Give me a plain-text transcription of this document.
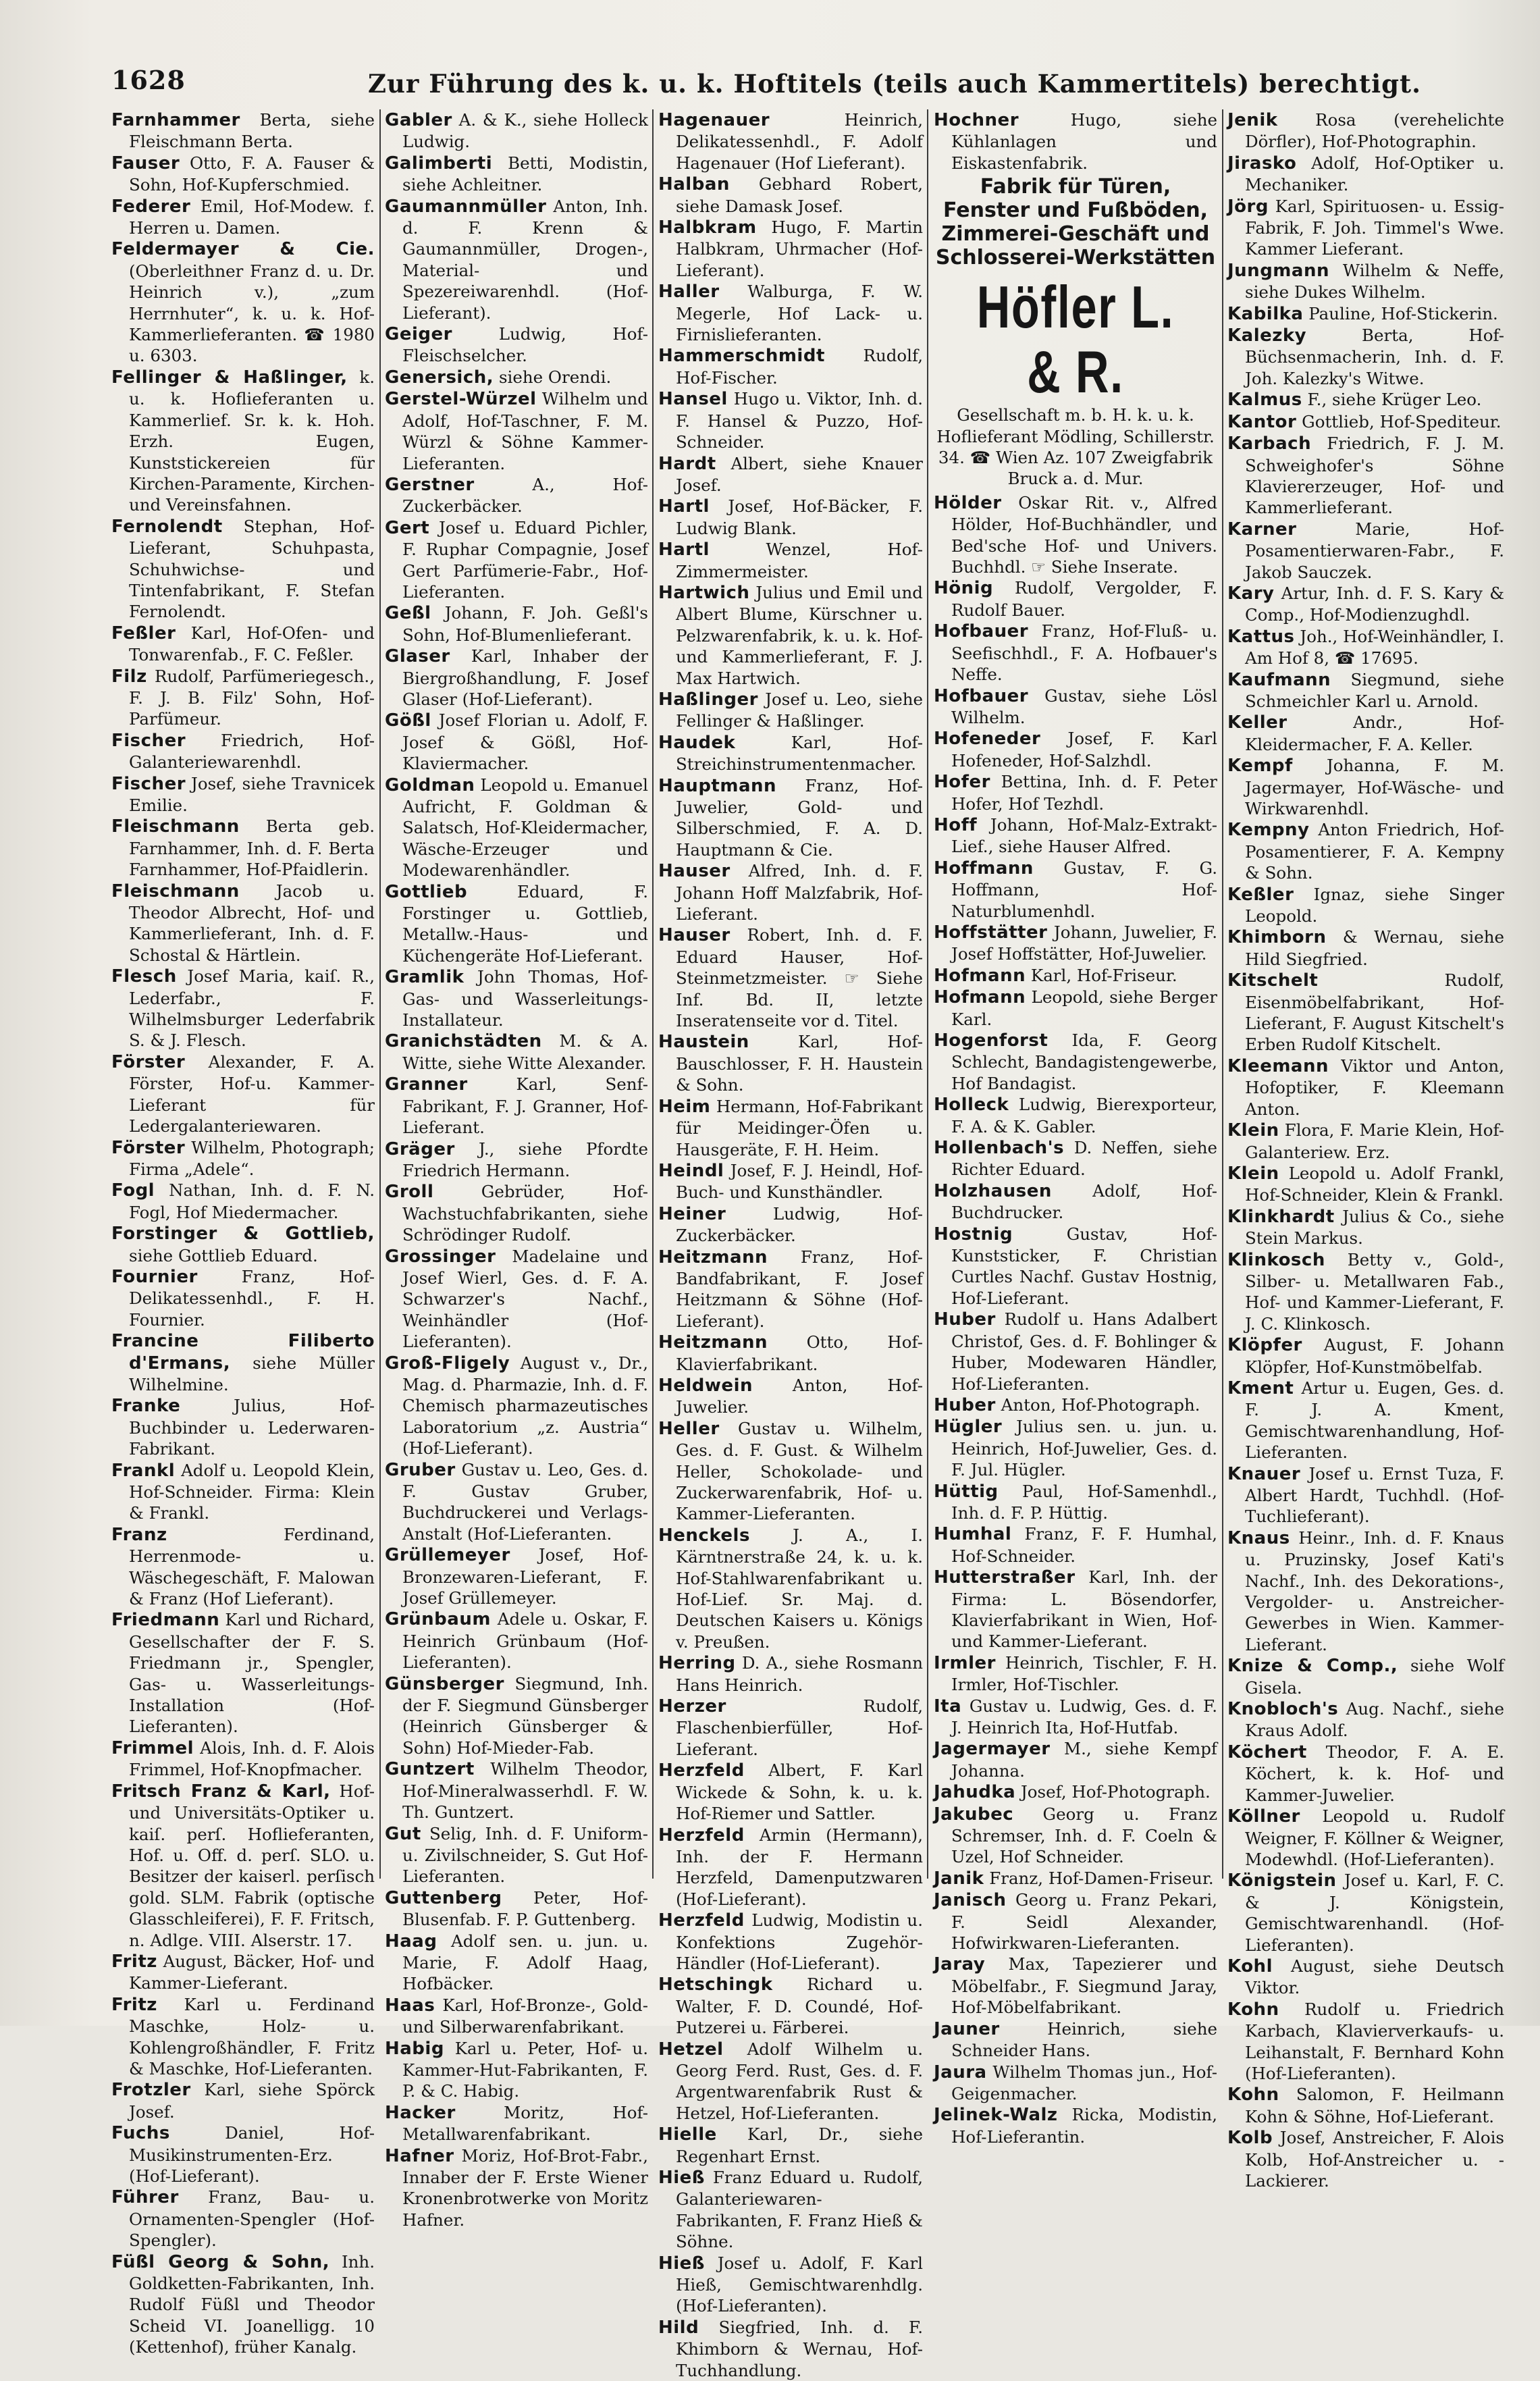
1628	Zur Führung des k. u. k. Hoftitels (teils auch Kammertitels) berechtigt.

Farnhammer Berta, siehe Fleischmann Berta.

Fauser Otto, F. A. Fauser & Sohn, Hof-Kupferschmied.

Federer Emil, Hof-Modew. f. Herren u. Damen.

Feldermayer & Cie. (Oberleithner Franz d. u. Dr. Heinrich v.), „zum Herrnhuter“, k. u. k. Hof-Kammerlieferanten. ☎ 1980 u. 6303.

Fellinger & Haßlinger, k. u. k. Hoflieferanten u. Kammerlief. Sr. k. k. Hoh. Erzh. Eugen, Kunststickereien für Kirchen-Paramente, Kirchen- und Vereinsfahnen.

Fernolendt Stephan, Hof-Lieferant, Schuhpasta, Schuhwichse- und Tintenfabrikant, F. Stefan Fernolendt.

Feßler Karl, Hof-Ofen- und Tonwarenfab., F. C. Feßler.

Filz Rudolf, Parfümeriegesch., F. J. B. Filz' Sohn, Hof-Parfümeur.

Fischer Friedrich, Hof-Galanteriewarenhdl.

Fischer Josef, siehe Travnicek Emilie.

Fleischmann Berta geb. Farnhammer, Inh. d. F. Berta Farnhammer, Hof-Pfaidlerin.

Fleischmann Jacob u. Theodor Albrecht, Hof- und Kammerlieferant, Inh. d. F. Schostal & Härtlein.

Flesch Josef Maria, kaiſ. R., Lederfabr., F. Wilhelmsburger Lederfabrik S. & J. Flesch.

Förster Alexander, F. A. Förster, Hof-u. Kammer-Lieferant für Ledergalanteriewaren.

Förster Wilhelm, Photograph; Firma „Adele“.

Fogl Nathan, Inh. d. F. N. Fogl, Hof Miedermacher.

Forstinger & Gottlieb, siehe Gottlieb Eduard.

Fournier	Franz, Hof-Delikatessenhdl., F. H. Fournier.

Francine Filiberto d'Ermans, siehe Müller Wilhelmine.

Franke	Julius, Hof-Buchbinder u. Lederwaren-Fabrikant.

Frankl Adolf u. Leopold Klein, Hof-Schneider. Firma: Klein & Frankl.

Franz	Ferdinand, Herrenmode- u. Wäschegeschäft, F. Malowan & Franz (Hof Lieferant).

Friedmann Karl und Richard, Gesellschafter der F. S. Friedmann jr., Spengler, Gas- u. Wasserleitungs-Installation (Hof-Lieferanten).

Frimmel Alois, Inh. d. F. Alois Frimmel, Hof-Knopfmacher.

Fritsch Franz & Karl, Hof- und Universitäts-Optiker u. kaiſ. perſ. Hoflieferanten, Hof. u. Off. d. perſ. SLO. u. Besitzer der kaiserl. perſisch gold. SLM. Fabrik (optische Glasschleiferei), F. F. Fritsch, n. Adlge. VIII. Alserstr. 17.

Fritz August, Bäcker, Hof- und Kammer-Lieferant.

Fritz Karl u. Ferdinand Maschke, Holz- u. Kohlengroßhändler, F. Fritz & Maschke, Hof-Lieferanten.

Frotzler Karl, siehe Spörck Josef.

Fuchs	Daniel, Hof-Musikinstrumenten-Erz. (Hof-Lieferant).

Führer Franz, Bau- u. Ornamenten-Spengler (Hof-Spengler).

Füßl Georg & Sohn, Inh. Goldketten-Fabrikanten, Inh. Rudolf Füßl und Theodor Scheid VI. Joanelligg. 10 (Kettenhof), früher Kanalg.

Gabler A. & K., siehe Holleck Ludwig.

Galimberti Betti, Modistin, siehe Achleitner.

Gaumannmüller Anton, Inh. d. F. Krenn & Gaumannmüller, Drogen-, Material- und Spezereiwarenhdl. (Hof-Lieferant).

Geiger	Ludwig, Hof-Fleischselcher.

Genersich, siehe Orendi.

Gerstel-Würzel Wilhelm und Adolf, Hof-Taschner, F. M. Würzl & Söhne Kammer-Lieferanten.

Gerstner	A., Hof-Zuckerbäcker.

Gert Josef u. Eduard Pichler, F. Ruphar Compagnie, Josef Gert Parfümerie-Fabr., Hof-Lieferanten.

Geßl Johann, F. Joh. Geßl's Sohn, Hof-Blumenlieferant.

Glaser Karl, Inhaber der Biergroßhandlung, F. Josef Glaser (Hof-Lieferant).

Gößl Josef Florian u. Adolf, F. Josef & Gößl, Hof-Klaviermacher.

Goldman Leopold u. Emanuel Aufricht, F. Goldman & Salatsch, Hof-Kleidermacher, Wäsche-Erzeuger und Modewarenhändler.

Gottlieb	Eduard, F. Forstinger u. Gottlieb, Metallw.-Haus- und Küchengeräte Hof-Lieferant.

Gramlik John Thomas, Hof-Gas- und Wasserleitungs-Installateur.

Granichstädten M. & A. Witte, siehe Witte Alexander.

Granner	Karl, Senf-Fabrikant, F. J. Granner, Hof-Lieferant.

Gräger J., siehe Pfordte Friedrich Hermann.

Groll	Gebrüder, Hof-Wachstuchfabrikanten, siehe Schrödinger Rudolf.

Grossinger Madelaine und Josef Wierl, Ges. d. F. A. Schwarzer's Nachf., Weinhändler (Hof-Lieferanten).

Groß-Fligely August v., Dr., Mag. d. Pharmazie, Inh. d. F. Chemisch pharmazeutisches Laboratorium „z. Austria“ (Hof-Lieferant).

Gruber Gustav u. Leo, Ges. d. F. Gustav Gruber, Buchdruckerei und Verlags-Anstalt (Hof-Lieferanten.

Grüllemeyer Josef, Hof-Bronzewaren-Lieferant, F. Josef Grüllemeyer.

Grünbaum Adele u. Oskar, F. Heinrich Grünbaum (Hof-Lieferanten).

Günsberger Siegmund, Inh. der F. Siegmund Günsberger (Heinrich Günsberger & Sohn) Hof-Mieder-Fab.

Guntzert Wilhelm Theodor, Hof-Mineralwasserhdl. F. W. Th. Guntzert.

Gut Selig, Inh. d. F. Uniform- u. Zivilschneider, S. Gut Hof-Lieferanten.

Guttenberg Peter, Hof-Blusenfab. F. P. Guttenberg.

Haag Adolf sen. u. jun. u. Marie, F. Adolf Haag, Hofbäcker.

Haas Karl, Hof-Bronze-, Gold- und Silberwarenfabrikant.

Habig Karl u. Peter, Hof- u. Kammer-Hut-Fabrikanten, F. P. & C. Habig.

Hacker	Moritz, Hof-Metallwarenfabrikant.

Hafner Moriz, Hof-Brot-Fabr., Innaber der F. Erste Wiener Kronenbrotwerke von Moritz Hafner.

Hagenauer	Heinrich, Delikatessenhdl., F. Adolf Hagenauer (Hof Lieferant).

Halban Gebhard Robert, siehe Damask Josef.

Halbkram Hugo, F. Martin Halbkram, Uhrmacher (Hof-Lieferant).

Haller Walburga, F. W. Megerle, Hof Lack- u. Firnislieferanten.

Hammerschmidt Rudolf, Hof-Fischer.

Hansel Hugo u. Viktor, Inh. d. F. Hansel & Puzzo, Hof-Schneider.

Hardt Albert, siehe Knauer Josef.

Hartl Josef, Hof-Bäcker, F. Ludwig Blank.

Hartl	Wenzel, Hof-Zimmermeister.

Hartwich Julius und Emil und Albert Blume, Kürschner u. Pelzwarenfabrik, k. u. k. Hof- und Kammerlieferant, F. J. Max Hartwich.

Haßlinger Josef u. Leo, siehe Fellinger & Haßlinger.

Haudek	Karl, Hof-Streichinstrumentenmacher.

Hauptmann Franz, Hof-Juwelier, Gold- und Silberschmied, F. A. D. Hauptmann & Cie.

Hauser Alfred, Inh. d. F. Johann Hoff Malzfabrik, Hof-Lieferant.

Hauser Robert, Inh. d. F. Eduard Hauser, Hof-Steinmetzmeister. ☞ Siehe Inf. Bd. II, letzte Inseratenseite vor d. Titel.

Haustein	Karl, Hof-Bauschlosser, F. H. Haustein & Sohn.

Heim Hermann, Hof-Fabrikant für Meidinger-Öfen u. Hausgeräte, F. H. Heim.

Heindl Josef, F. J. Heindl, Hof-Buch- und Kunsthändler.

Heiner	Ludwig, Hof-Zuckerbäcker.

Heitzmann Franz, Hof-Bandfabrikant, F. Josef Heitzmann & Söhne (Hof-Lieferant).

Heitzmann Otto, Hof-Klavierfabrikant.

Heldwein Anton, Hof-Juwelier.

Heller Gustav u. Wilhelm, Ges. d. F. Gust. & Wilhelm Heller, Schokolade- und Zuckerwarenfabrik, Hof- u. Kammer-Lieferanten.

Henckels	J. A., I. Kärntnerstraße 24, k. u. k. Hof-Stahlwarenfabrikant u. Hof-Lief. Sr. Maj. d. Deutschen Kaisers u. Königs v. Preußen.

Herring D. A., siehe Rosmann Hans Heinrich.

Herzer	Rudolf, Flaschenbierfüller, Hof-Lieferant.

Herzfeld Albert, F. Karl Wickede & Sohn, k. u. k. Hof-Riemer und Sattler.

Herzfeld Armin (Hermann), Inh. der F. Hermann Herzfeld, Damenputzwaren (Hof-Lieferant).

Herzfeld Ludwig, Modistin u. Konfektions Zugehör-Händler (Hof-Lieferant).

Hetschingk Richard u. Walter, F. D. Coundé, Hof-Putzerei u. Färberei.

Hetzel Adolf Wilhelm u. Georg Ferd. Rust, Ges. d. F. Argentwarenfabrik Rust & Hetzel, Hof-Lieferanten.

Hielle Karl, Dr., siehe Regenhart Ernst.

Hieß Franz Eduard u. Rudolf, Galanteriewaren-Fabrikanten, F. Franz Hieß & Söhne.

Hieß Josef u. Adolf, F. Karl Hieß, Gemischtwarenhdlg. (Hof-Lieferanten).

Hild Siegfried, Inh. d. F. Khimborn & Wernau, Hof-Tuchhandlung.

Hochner	Hugo, siehe Kühlanlagen und Eiskastenfabrik.

Fabrik für Türen, Fenster und Fußböden, Zimmerei-Geschäft und Schlosserei-Werkstätten
Höfler L. & R.

Gesellschaft m. b. H. k. u. k. Hoflieferant Mödling, Schillerstr. 34. ☎ Wien Az. 107 Zweigfabrik Bruck a. d. Mur.

Hölder Oskar Rit. v., Alfred Hölder, Hof-Buchhändler, und Bed'sche Hof- und Univers. Buchhdl. ☞ Siehe Inserate.

Hönig Rudolf, Vergolder, F. Rudolf Bauer.

Hofbauer Franz, Hof-Fluß- u. Seefischhdl., F. A. Hofbauer's Neffe.

Hofbauer Gustav, siehe Lösl Wilhelm.

Hofeneder Josef, F. Karl Hofeneder, Hof-Salzhdl.

Hofer Bettina, Inh. d. F. Peter Hofer, Hof Tezhdl.

Hoff Johann, Hof-Malz-Extrakt-Lief., siehe Hauser Alfred.

Hoffmann Gustav, F. G. Hoffmann, Hof-Naturblumenhdl.

Hoffstätter Johann, Juwelier, F. Josef Hoffstätter, Hof-Juwelier.

Hofmann Karl, Hof-Friseur.

Hofmann Leopold, siehe Berger Karl.

Hogenforst Ida, F. Georg Schlecht, Bandagistengewerbe, Hof Bandagist.

Holleck Ludwig, Bierexporteur, F. A. & K. Gabler.

Hollenbach's D. Neffen, siehe Richter Eduard.

Holzhausen Adolf, Hof-Buchdrucker.

Hostnig	Gustav, Hof-Kunststicker, F. Christian Curtles Nachf. Gustav Hostnig, Hof-Lieferant.

Huber Rudolf u. Hans Adalbert Christof, Ges. d. F. Bohlinger & Huber, Modewaren Händler, Hof-Lieferanten.

Huber Anton, Hof-Photograph.

Hügler Julius sen. u. jun. u. Heinrich, Hof-Juwelier, Ges. d. F. Jul. Hügler.

Hüttig Paul, Hof-Samenhdl., Inh. d. F. P. Hüttig.

Humhal Franz, F. F. Humhal, Hof-Schneider.

Hutterstraßer Karl, Inh. der Firma: L. Bösendorfer, Klavierfabrikant in Wien, Hof- und Kammer-Lieferant.

Irmler Heinrich, Tischler, F. H. Irmler, Hof-Tischler.

Ita Gustav u. Ludwig, Ges. d. F. J. Heinrich Ita, Hof-Hutfab.

Jagermayer M., siehe Kempf Johanna.

Jahudka Josef, Hof-Photograph.

Jakubec Georg u. Franz Schremser, Inh. d. F. Coeln & Uzel, Hof Schneider.

Janik Franz, Hof-Damen-Friseur.

Janisch Georg u. Franz Pekari, F. Seidl Alexander, Hofwirkwaren-Lieferanten.

Jaray Max, Tapezierer und Möbelfabr., F. Siegmund Jaray, Hof-Möbelfabrikant.

Jauner	Heinrich, siehe Schneider Hans.

Jaura Wilhelm Thomas jun., Hof-Geigenmacher.

Jelinek-Walz Ricka, Modistin, Hof-Lieferantin.

Jenik Rosa (verehelichte Dörfler), Hof-Photographin.

Jirasko Adolf, Hof-Optiker u. Mechaniker.

Jörg Karl, Spirituosen- u. Essig-Fabrik, F. Joh. Timmel's Wwe. Kammer Lieferant.

Jungmann Wilhelm & Neffe, siehe Dukes Wilhelm.

Kabilka Pauline, Hof-Stickerin.

Kalezky	Berta, Hof-Büchsenmacherin, Inh. d. F. Joh. Kalezky's Witwe.

Kalmus F., siehe Krüger Leo.

Kantor Gottlieb, Hof-Spediteur.

Karbach Friedrich, F. J. M. Schweighofer's Söhne Klaviererzeuger, Hof- und Kammerlieferant.

Karner	Marie, Hof-Posamentierwaren-Fabr., F. Jakob Sauczek.

Kary Artur, Inh. d. F. S. Kary & Comp., Hof-Modienzughdl.

Kattus Joh., Hof-Weinhändler, I. Am Hof 8, ☎ 17695.

Kaufmann Siegmund, siehe Schmeichler Karl u. Arnold.

Keller	Andr., Hof-Kleidermacher, F. A. Keller.

Kempf Johanna, F. M. Jagermayer, Hof-Wäsche- und Wirkwarenhdl.

Kempny Anton Friedrich, Hof-Posamentierer, F. A. Kempny & Sohn.

Keßler Ignaz, siehe Singer Leopold.

Khimborn & Wernau, siehe Hild Siegfried.

Kitschelt	Rudolf, Eisenmöbelfabrikant, Hof-Lieferant, F. August Kitschelt's Erben Rudolf Kitschelt.

Kleemann Viktor und Anton, Hofoptiker, F. Kleemann Anton.

Klein Flora, F. Marie Klein, Hof-Galanteriew. Erz.

Klein Leopold u. Adolf Frankl, Hof-Schneider, Klein & Frankl.

Klinkhardt Julius & Co., siehe Stein Markus.

Klinkosch Betty v., Gold-, Silber- u. Metallwaren Fab., Hof- und Kammer-Lieferant, F. J. C. Klinkosch.

Klöpfer August, F. Johann Klöpfer, Hof-Kunstmöbelfab.

Kment Artur u. Eugen, Ges. d. F. J. A. Kment, Gemischtwarenhandlung, Hof-Lieferanten.

Knauer Josef u. Ernst Tuza, F. Albert Hardt, Tuchhdl. (Hof-Tuchlieferant).

Knaus Heinr., Inh. d. F. Knaus u. Pruzinsky, Josef Kati's Nachf., Inh. des Dekorations-, Vergolder- u. Anstreicher-Gewerbes in Wien. Kammer-Lieferant.

Knize & Comp., siehe Wolf Gisela.

Knobloch's Aug. Nachf., siehe Kraus Adolf.

Köchert Theodor, F. A. E. Köchert, k. k. Hof- und Kammer-Juwelier.

Köllner Leopold u. Rudolf Weigner, F. Köllner & Weigner, Modewhdl. (Hof-Lieferanten).

Königstein Josef u. Karl, F. C. & J. Königstein, Gemischtwarenhandl. (Hof-Lieferanten).

Kohl August, siehe Deutsch Viktor.

Kohn Rudolf u. Friedrich Karbach, Klavierverkaufs- u. Leihanstalt, F. Bernhard Kohn (Hof-Lieferanten).

Kohn Salomon, F. Heilmann Kohn & Söhne, Hof-Lieferant.

Kolb Josef, Anstreicher, F. Alois Kolb, Hof-Anstreicher u. -Lackierer.
